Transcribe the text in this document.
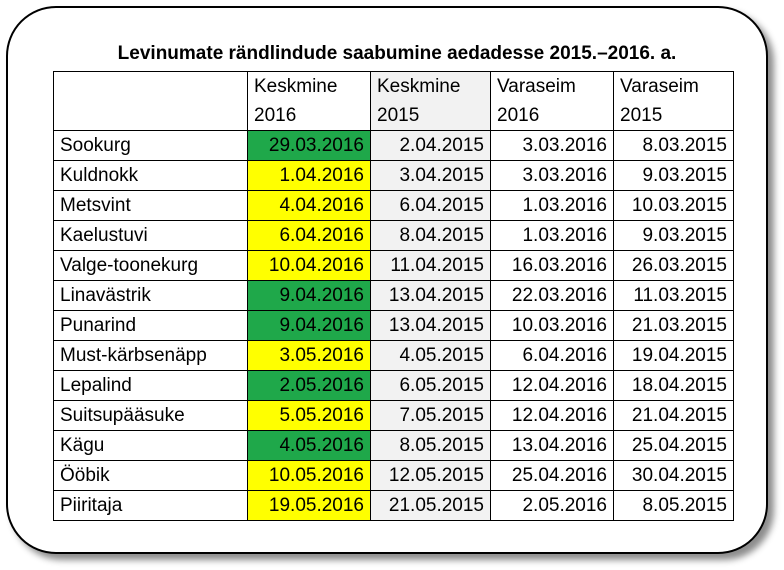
Levinumate rändlindude saabumine aedadesse 2015.–2016. a.
	Keskmine	Keskmine	Varaseim	Varaseim
	2016	2015	2016	2015
Sookurg	29.03.2016	2.04.2015	3.03.2016	8.03.2015
Kuldnokk	1.04.2016	3.04.2015	3.03.2016	9.03.2015
Metsvint	4.04.2016	6.04.2015	1.03.2016	10.03.2015
Kaelustuvi	6.04.2016	8.04.2015	1.03.2016	9.03.2015
Valge-toonekurg	10.04.2016	11.04.2015	16.03.2016	26.03.2015
Linavästrik	9.04.2016	13.04.2015	22.03.2016	11.03.2015
Punarind	9.04.2016	13.04.2015	10.03.2016	21.03.2015
Must-kärbsenäpp	3.05.2016	4.05.2015	6.04.2016	19.04.2015
Lepalind	2.05.2016	6.05.2015	12.04.2016	18.04.2015
Suitsupääsuke	5.05.2016	7.05.2015	12.04.2016	21.04.2015
Kägu	4.05.2016	8.05.2015	13.04.2016	25.04.2015
Ööbik	10.05.2016	12.05.2015	25.04.2016	30.04.2015
Piiritaja	19.05.2016	21.05.2015	2.05.2016	8.05.2015
